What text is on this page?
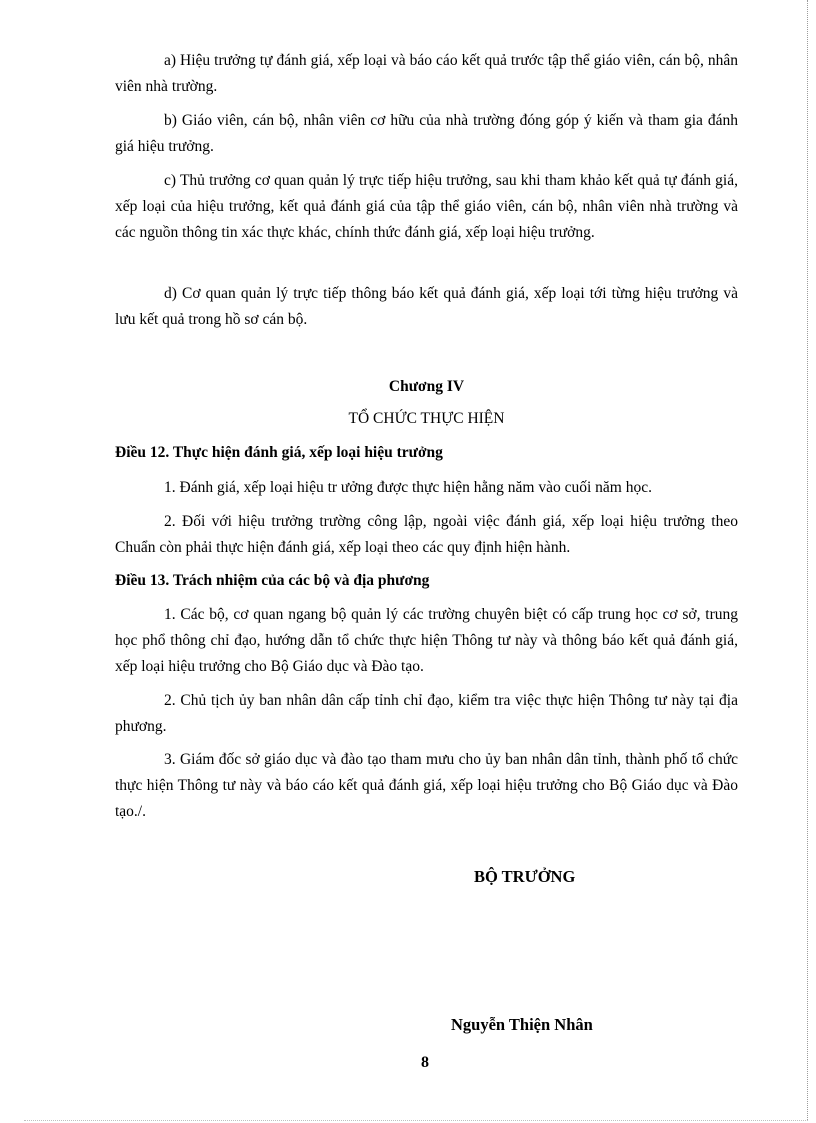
a) Hiệu trưởng tự đánh giá, xếp loại và báo cáo kết quả trước tập thể giáo viên, cán bộ, nhân viên nhà trường.

b) Giáo viên, cán bộ, nhân viên cơ hữu của nhà trường đóng góp ý kiến và tham gia đánh giá hiệu trưởng.

c) Thủ trưởng cơ quan quản lý trực tiếp hiệu trưởng, sau khi tham khảo kết quả tự đánh giá, xếp loại của hiệu trưởng, kết quả đánh giá của tập thể giáo viên, cán bộ, nhân viên nhà trường và các nguồn thông tin xác thực khác, chính thức đánh giá, xếp loại hiệu trưởng.

d) Cơ quan quản lý trực tiếp thông báo kết quả đánh giá, xếp loại tới từng hiệu trưởng và lưu kết quả trong hồ sơ cán bộ.

Chương IV

TỔ CHỨC THỰC HIỆN

Điều 12. Thực hiện đánh giá, xếp loại hiệu trưởng

1. Đánh giá, xếp loại hiệu tr ưởng được thực hiện hằng năm vào cuối năm học.

2. Đối với hiệu trưởng trường công lập, ngoài việc đánh giá, xếp loại hiệu trưởng theo Chuẩn còn phải thực hiện đánh giá, xếp loại theo các quy định hiện hành.

Điều 13. Trách nhiệm của các bộ và địa phương

1. Các bộ, cơ quan ngang bộ quản lý các trường chuyên biệt có cấp trung học cơ sở, trung học phổ thông chỉ đạo, hướng dẫn tổ chức thực hiện Thông tư này và thông báo kết quả đánh giá, xếp loại hiệu trưởng cho Bộ Giáo dục và Đào tạo.

2. Chủ tịch ủy ban nhân dân cấp tỉnh chỉ đạo, kiểm tra việc thực hiện Thông tư này tại địa phương.

3. Giám đốc sở giáo dục và đào tạo tham mưu cho ủy ban nhân dân tỉnh, thành phố tổ chức thực hiện Thông tư này và báo cáo kết quả đánh giá, xếp loại hiệu trưởng cho Bộ Giáo dục và Đào tạo./.

BỘ TRƯỞNG

Nguyễn Thiện Nhân

8
